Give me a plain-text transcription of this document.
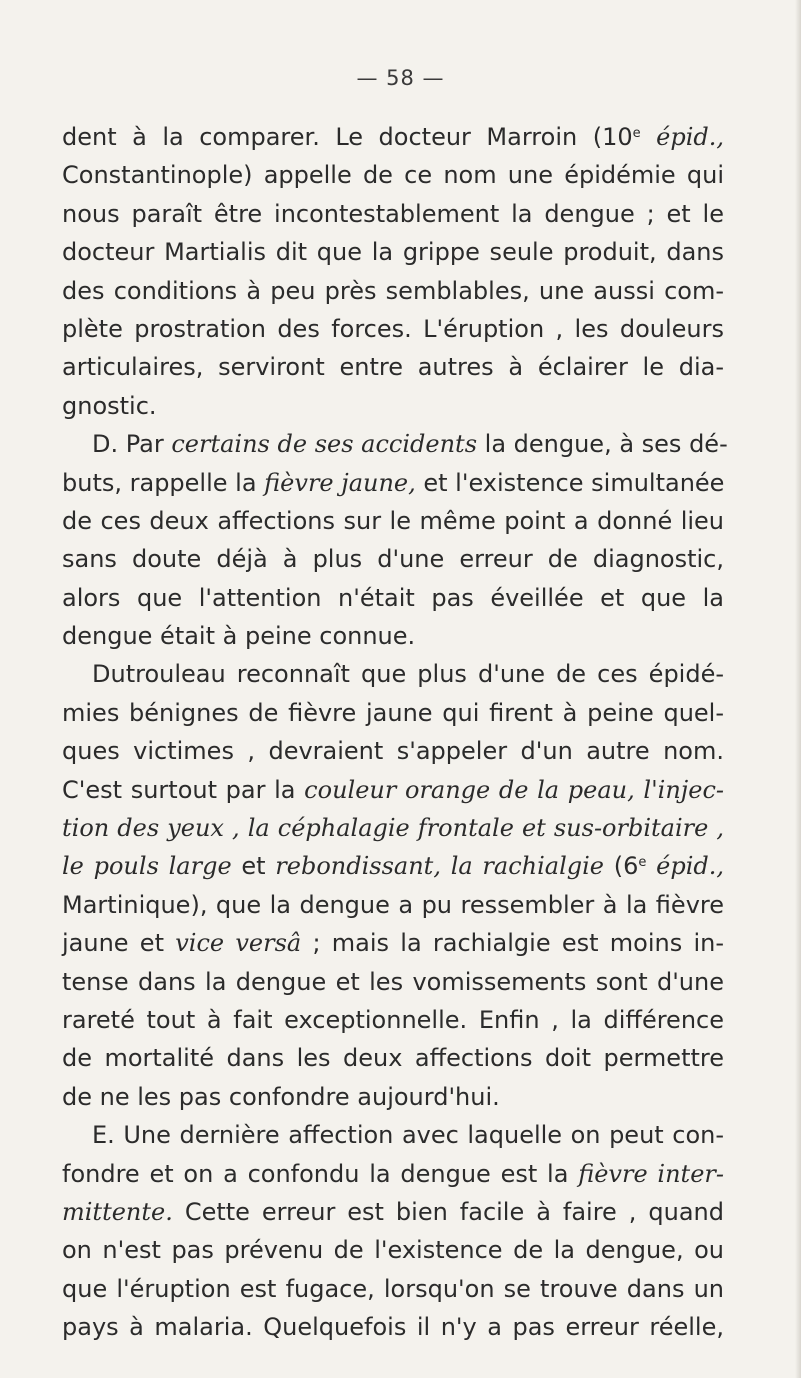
— 58 —
dent à la comparer. Le docteur Marroin (10e épid.,
Constantinople) appelle de ce nom une épidémie qui
nous paraît être incontestablement la dengue ; et le
docteur Martialis dit que la grippe seule produit, dans
des conditions à peu près semblables, une aussi com-
plète prostration des forces. L'éruption , les douleurs
articulaires, serviront entre autres à éclairer le dia-
gnostic.
D. Par certains de ses accidents la dengue, à ses dé-
buts, rappelle la fièvre jaune, et l'existence simultanée
de ces deux affections sur le même point a donné lieu
sans doute déjà à plus d'une erreur de diagnostic,
alors que l'attention n'était pas éveillée et que la
dengue était à peine connue.
Dutrouleau reconnaît que plus d'une de ces épidé-
mies bénignes de fièvre jaune qui firent à peine quel-
ques victimes , devraient s'appeler d'un autre nom.
C'est surtout par la couleur orange de la peau, l'injec-
tion des yeux , la céphalagie frontale et sus-orbitaire ,
le pouls large et rebondissant, la rachialgie (6e épid.,
Martinique), que la dengue a pu ressembler à la fièvre
jaune et vice versâ ; mais la rachialgie est moins in-
tense dans la dengue et les vomissements sont d'une
rareté tout à fait exceptionnelle. Enfin , la différence
de mortalité dans les deux affections doit permettre
de ne les pas confondre aujourd'hui.
E. Une dernière affection avec laquelle on peut con-
fondre et on a confondu la dengue est la fièvre inter-
mittente. Cette erreur est bien facile à faire , quand
on n'est pas prévenu de l'existence de la dengue, ou
que l'éruption est fugace, lorsqu'on se trouve dans un
pays à malaria. Quelquefois il n'y a pas erreur réelle,
